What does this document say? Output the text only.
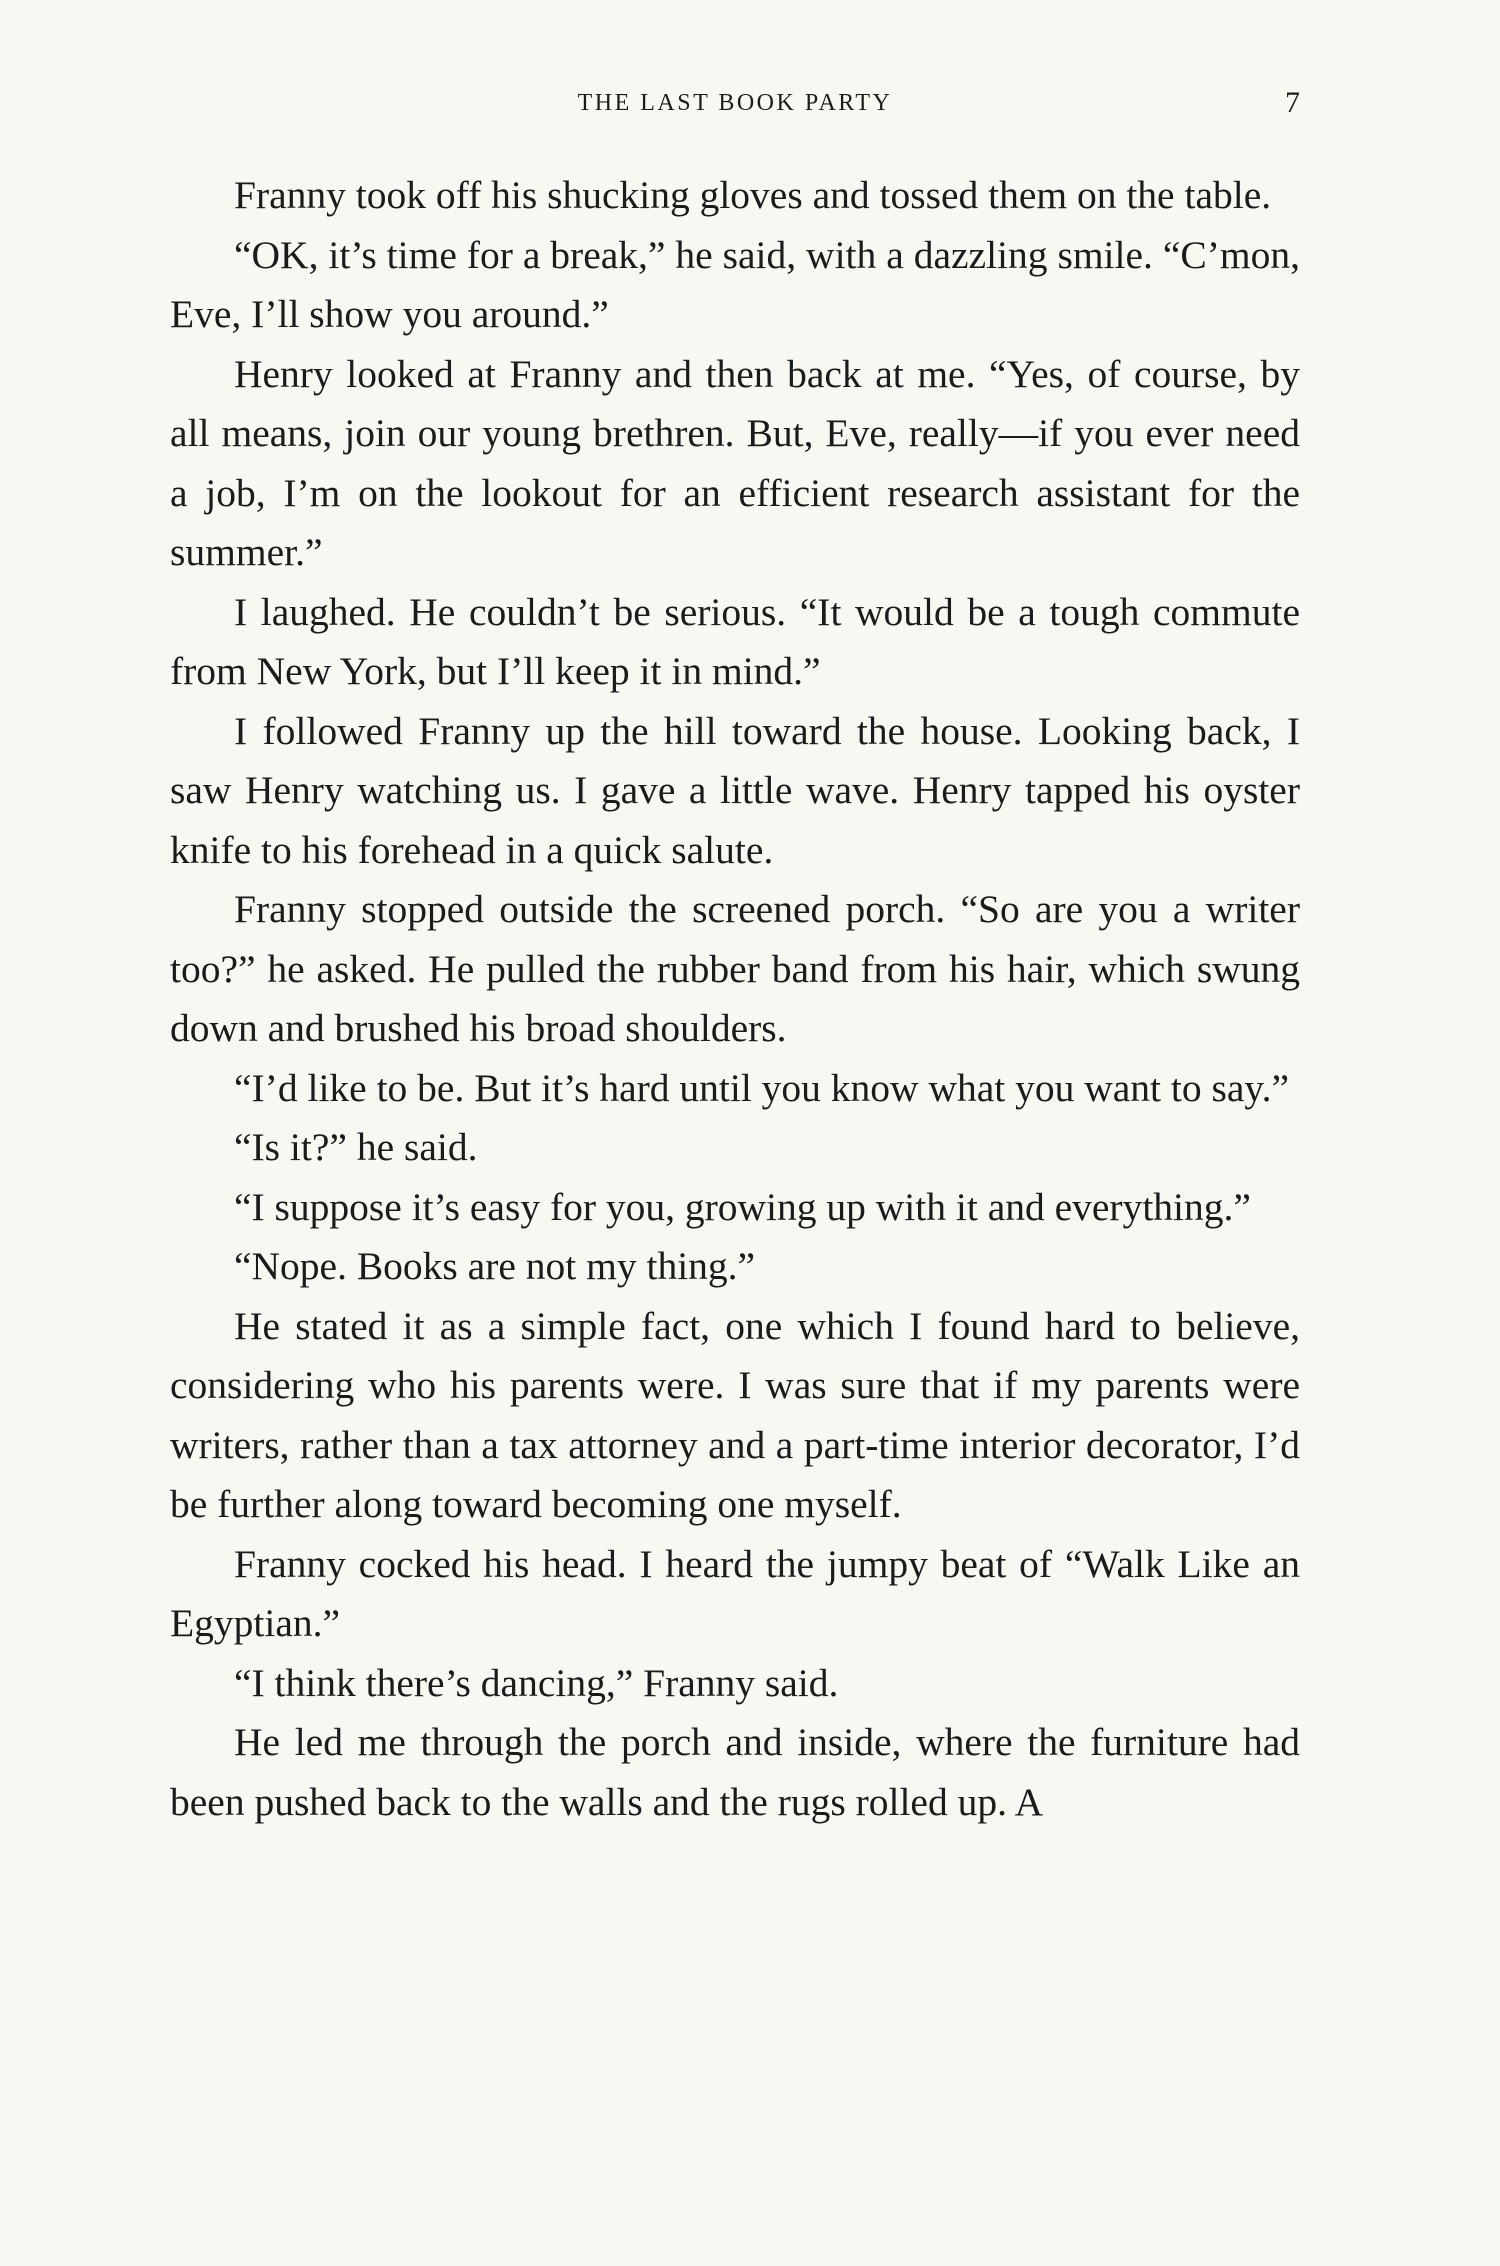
THE LAST BOOK PARTY	7

Franny took off his shucking gloves and tossed them on the table.

“OK, it’s time for a break,” he said, with a dazzling smile. “C’mon, Eve, I’ll show you around.”

Henry looked at Franny and then back at me. “Yes, of course, by all means, join our young brethren. But, Eve, really—if you ever need a job, I’m on the lookout for an efficient research assistant for the summer.”

I laughed. He couldn’t be serious. “It would be a tough commute from New York, but I’ll keep it in mind.”

I followed Franny up the hill toward the house. Looking back, I saw Henry watching us. I gave a little wave. Henry tapped his oyster knife to his forehead in a quick salute.

Franny stopped outside the screened porch. “So are you a writer too?” he asked. He pulled the rubber band from his hair, which swung down and brushed his broad shoulders.

“I’d like to be. But it’s hard until you know what you want to say.”

“Is it?” he said.

“I suppose it’s easy for you, growing up with it and everything.”

“Nope. Books are not my thing.”

He stated it as a simple fact, one which I found hard to believe, considering who his parents were. I was sure that if my parents were writers, rather than a tax attorney and a part-time interior decorator, I’d be further along toward becoming one myself.

Franny cocked his head. I heard the jumpy beat of “Walk Like an Egyptian.”

“I think there’s dancing,” Franny said.

He led me through the porch and inside, where the furniture had been pushed back to the walls and the rugs rolled up. A
